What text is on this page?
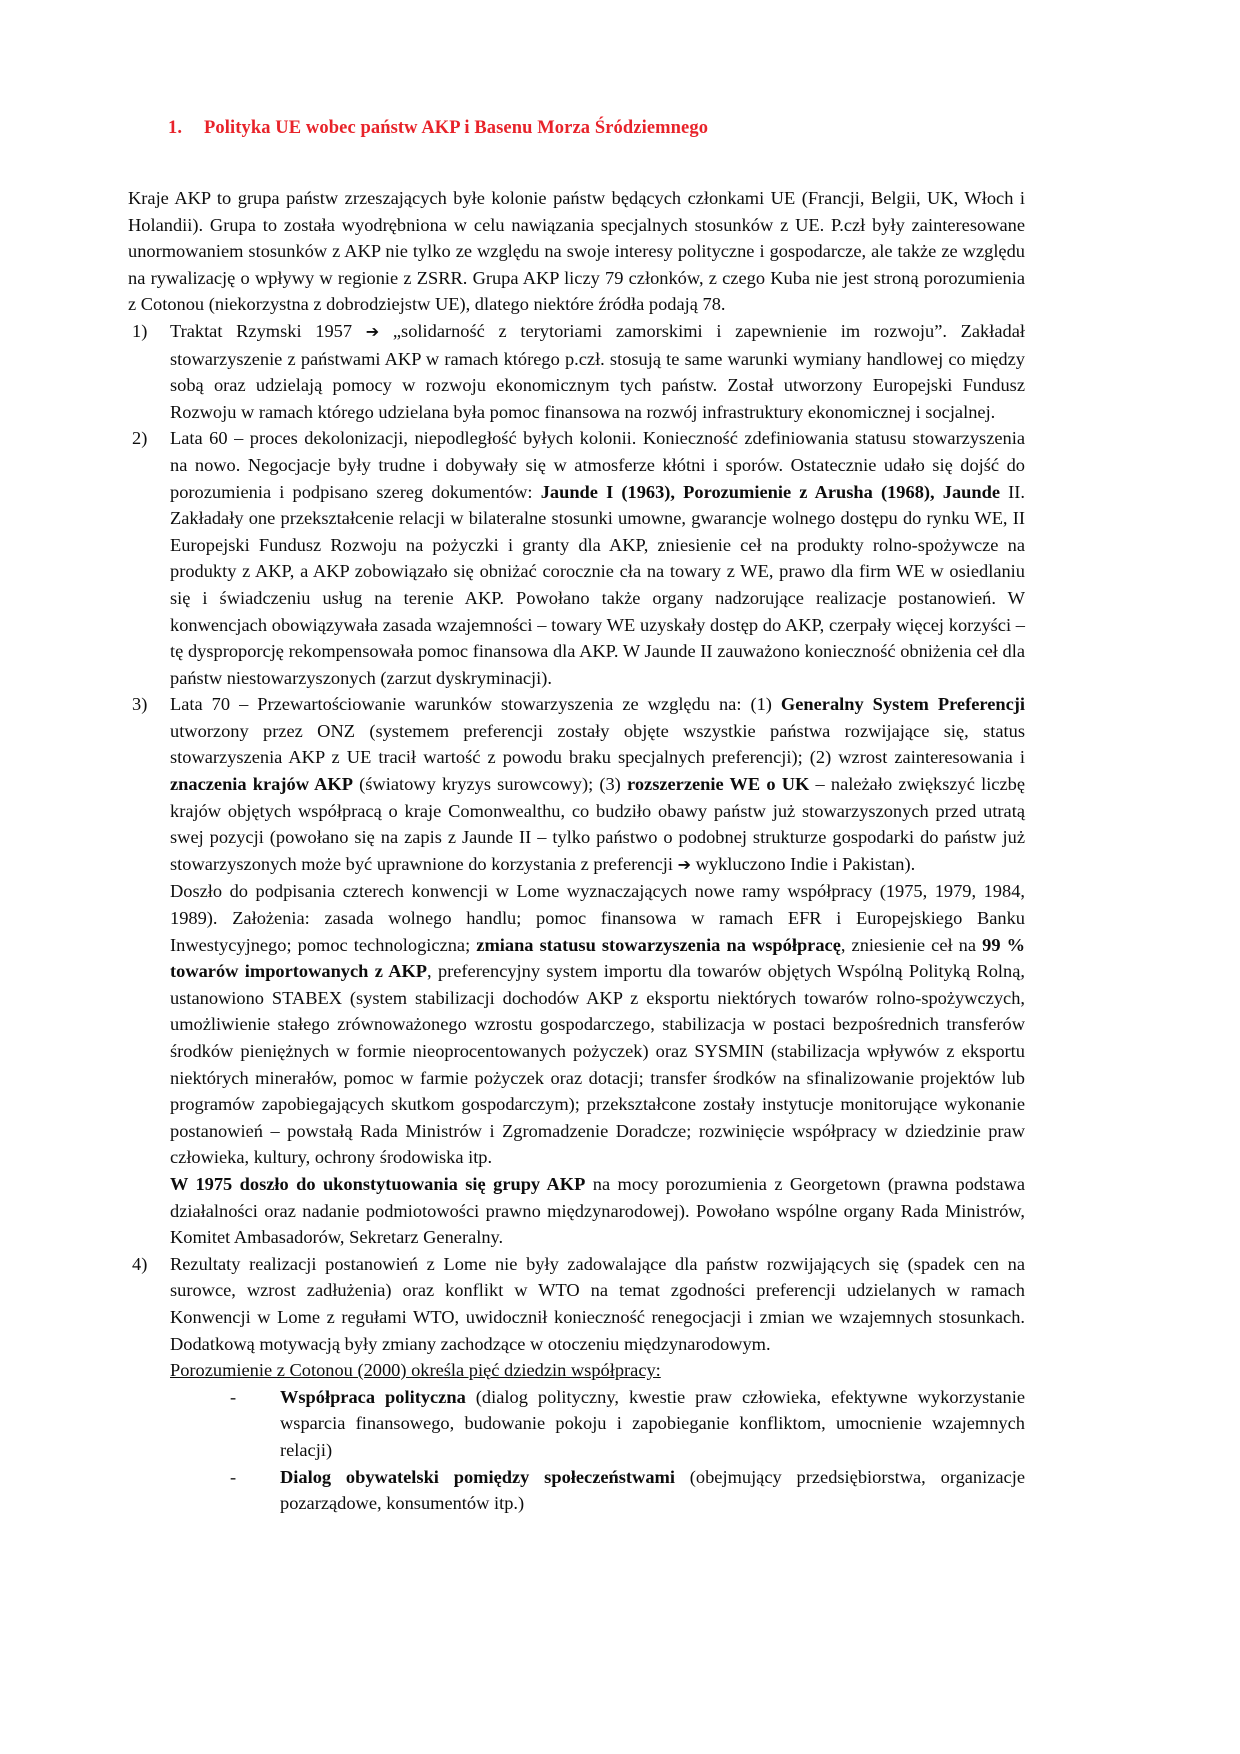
1.	Polityka UE wobec państw AKP i Basenu Morza Śródziemnego

Kraje AKP to grupa państw zrzeszających byłe kolonie państw będących członkami UE (Francji, Belgii, UK, Włoch i Holandii). Grupa to została wyodrębniona w celu nawiązania specjalnych stosunków z UE. P.czł były zainteresowane unormowaniem stosunków z AKP nie tylko ze względu na swoje interesy polityczne i gospodarcze, ale także ze względu na rywalizację o wpływy w regionie z ZSRR. Grupa AKP liczy 79 członków, z czego Kuba nie jest stroną porozumienia z Cotonou (niekorzystna z dobrodziejstw UE), dlatego niektóre źródła podają 78.

1)	Traktat Rzymski 1957 ➔ „solidarność z terytoriami zamorskimi i zapewnienie im rozwoju”. Zakładał stowarzyszenie z państwami AKP w ramach którego p.czł. stosują te same warunki wymiany handlowej co między sobą oraz udzielają pomocy w rozwoju ekonomicznym tych państw. Został utworzony Europejski Fundusz Rozwoju w ramach którego udzielana była pomoc finansowa na rozwój infrastruktury ekonomicznej i socjalnej.

2)	Lata 60 – proces dekolonizacji, niepodległość byłych kolonii. Konieczność zdefiniowania statusu stowarzyszenia na nowo. Negocjacje były trudne i dobywały się w atmosferze kłótni i sporów. Ostatecznie udało się dojść do porozumienia i podpisano szereg dokumentów: Jaunde I (1963), Porozumienie z Arusha (1968), Jaunde II. Zakładały one przekształcenie relacji w bilateralne stosunki umowne, gwarancje wolnego dostępu do rynku WE, II Europejski Fundusz Rozwoju na pożyczki i granty dla AKP, zniesienie ceł na produkty rolno-spożywcze na produkty z AKP, a AKP zobowiązało się obniżać corocznie cła na towary z WE, prawo dla firm WE w osiedlaniu się i świadczeniu usług na terenie AKP. Powołano także organy nadzorujące realizacje postanowień. W konwencjach obowiązywała zasada wzajemności – towary WE uzyskały dostęp do AKP, czerpały więcej korzyści – tę dysproporcję rekompensowała pomoc finansowa dla AKP. W Jaunde II zauważono konieczność obniżenia ceł dla państw niestowarzyszonych (zarzut dyskryminacji).

3)	Lata 70 – Przewartościowanie warunków stowarzyszenia ze względu na: (1) Generalny System Preferencji utworzony przez ONZ (systemem preferencji zostały objęte wszystkie państwa rozwijające się, status stowarzyszenia AKP z UE tracił wartość z powodu braku specjalnych preferencji); (2) wzrost zainteresowania i znaczenia krajów AKP (światowy kryzys surowcowy); (3) rozszerzenie WE o UK – należało zwiększyć liczbę krajów objętych współpracą o kraje Comonwealthu, co budziło obawy państw już stowarzyszonych przed utratą swej pozycji (powołano się na zapis z Jaunde II – tylko państwo o podobnej strukturze gospodarki do państw już stowarzyszonych może być uprawnione do korzystania z preferencji ➔ wykluczono Indie i Pakistan).

Doszło do podpisania czterech konwencji w Lome wyznaczających nowe ramy współpracy (1975, 1979, 1984, 1989). Założenia: zasada wolnego handlu; pomoc finansowa w ramach EFR i Europejskiego Banku Inwestycyjnego; pomoc technologiczna; zmiana statusu stowarzyszenia na współpracę, zniesienie ceł na 99 % towarów importowanych z AKP, preferencyjny system importu dla towarów objętych Wspólną Polityką Rolną, ustanowiono STABEX (system stabilizacji dochodów AKP z eksportu niektórych towarów rolno-spożywczych, umożliwienie stałego zrównoważonego wzrostu gospodarczego, stabilizacja w postaci bezpośrednich transferów środków pieniężnych w formie nieoprocentowanych pożyczek) oraz SYSMIN (stabilizacja wpływów z eksportu niektórych minerałów, pomoc w farmie pożyczek oraz dotacji; transfer środków na sfinalizowanie projektów lub programów zapobiegających skutkom gospodarczym); przekształcone zostały instytucje monitorujące wykonanie postanowień – powstałą Rada Ministrów i Zgromadzenie Doradcze; rozwinięcie współpracy w dziedzinie praw człowieka, kultury, ochrony środowiska itp.

W 1975 doszło do ukonstytuowania się grupy AKP na mocy porozumienia z Georgetown (prawna podstawa działalności oraz nadanie podmiotowości prawno międzynarodowej). Powołano wspólne organy Rada Ministrów, Komitet Ambasadorów, Sekretarz Generalny.

4)	Rezultaty realizacji postanowień z Lome nie były zadowalające dla państw rozwijających się (spadek cen na surowce, wzrost zadłużenia) oraz konflikt w WTO na temat zgodności preferencji udzielanych w ramach Konwencji w Lome z regułami WTO, uwidocznił konieczność renegocjacji i zmian we wzajemnych stosunkach. Dodatkową motywacją były zmiany zachodzące w otoczeniu międzynarodowym.

Porozumienie z Cotonou (2000) określa pięć dziedzin współpracy:

-	Współpraca polityczna (dialog polityczny, kwestie praw człowieka, efektywne wykorzystanie wsparcia finansowego, budowanie pokoju i zapobieganie konfliktom, umocnienie wzajemnych relacji)

-	Dialog obywatelski pomiędzy społeczeństwami (obejmujący przedsiębiorstwa, organizacje pozarządowe, konsumentów itp.)
